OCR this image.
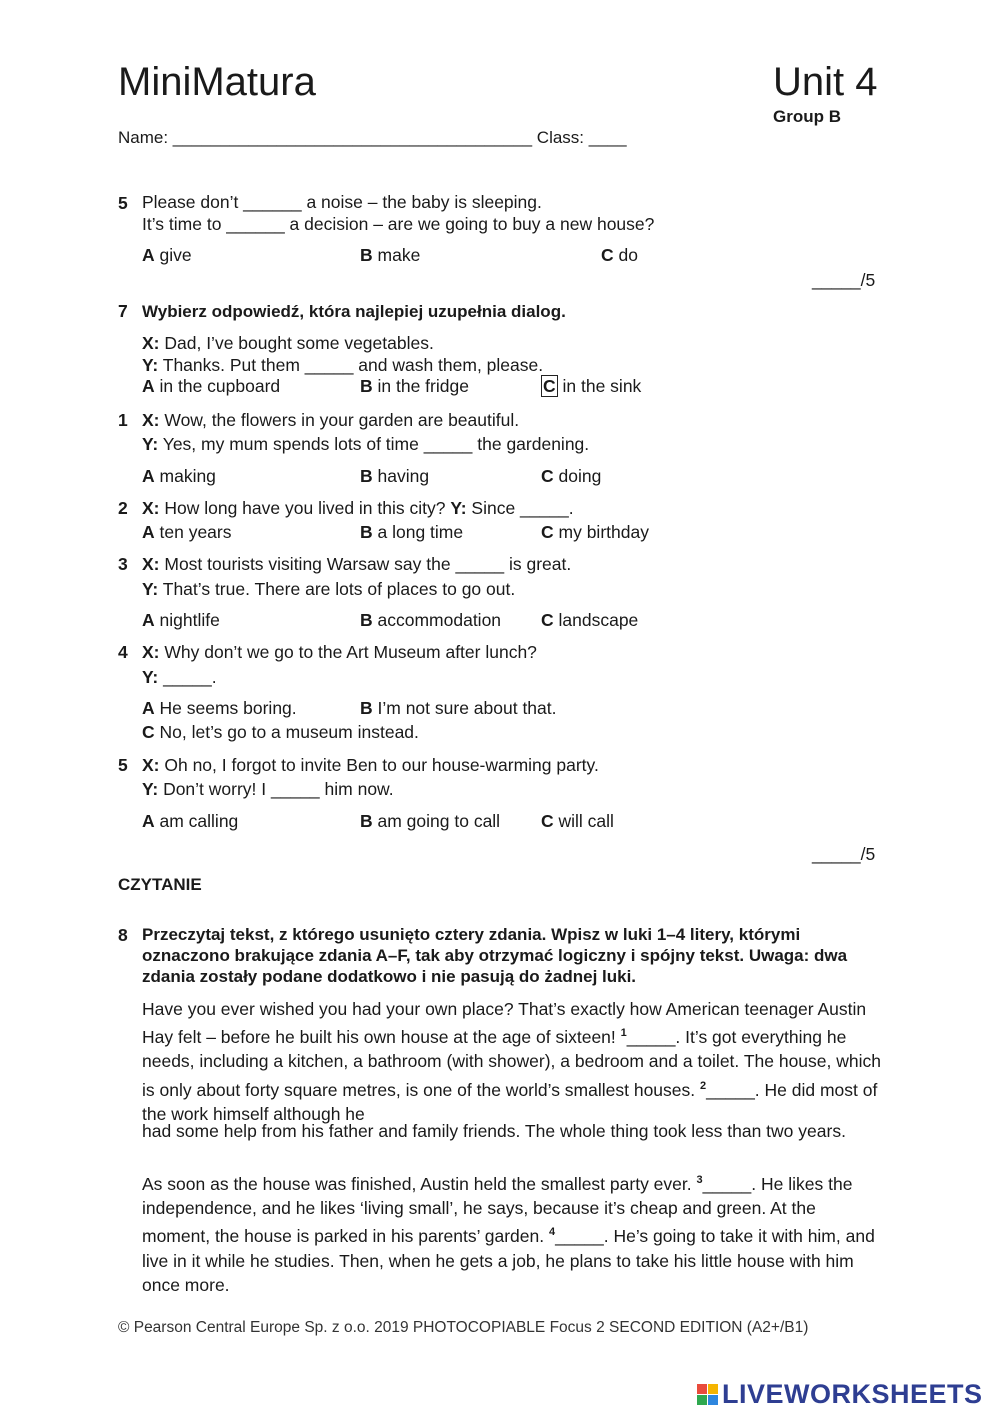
MiniMatura	Unit 4
Group B
Name: ______________________________________ Class: ____
5 Please don’t ______ a noise – the baby is sleeping.
It’s time to ______ a decision – are we going to buy a new house?
A give	B make	C do
_____/5
7 Wybierz odpowiedź, która najlepiej uzupełnia dialog.
X: Dad, I’ve bought some vegetables.
Y: Thanks. Put them _____ and wash them, please.
A in the cupboard	B in the fridge	C in the sink
1 X: Wow, the flowers in your garden are beautiful.
Y: Yes, my mum spends lots of time _____ the gardening.
A making	B having	C doing
2 X: How long have you lived in this city? Y: Since _____.
A ten years	B a long time	C my birthday
3 X: Most tourists visiting Warsaw say the _____ is great.
Y: That’s true. There are lots of places to go out.
A nightlife	B accommodation C landscape
4 X: Why don’t we go to the Art Museum after lunch?
Y: _____.
A He seems boring.	B I’m not sure about that.
C No, let’s go to a museum instead.
5 X: Oh no, I forgot to invite Ben to our house-warming party.
Y: Don’t worry! I _____ him now.
A am calling	B am going to call C will call
_____/5
CZYTANIE
8 Przeczytaj tekst, z którego usunięto cztery zdania. Wpisz w luki 1–4 litery, którymi oznaczono brakujące zdania A–F, tak aby otrzymać logiczny i spójny tekst. Uwaga: dwa zdania zostały podane dodatkowo i nie pasują do żadnej luki.
Have you ever wished you had your own place? That’s exactly how American teenager Austin Hay felt – before he built his own house at the age of sixteen! $^1$_____. It’s got everything he needs, including a kitchen, a bathroom (with shower), a bedroom and a toilet. The house, which is only about forty square metres, is one of the world’s smallest houses. $^2$_____. He did most of the work himself although he
had some help from his father and family friends. The whole thing took less than two years.
As soon as the house was finished, Austin held the smallest party ever. $^3$_____. He likes the independence, and he likes ‘living small’, he says, because it’s cheap and green. At the moment, the house is parked in his parents’ garden. $^4$_____. He’s going to take it with him, and live in it while he studies. Then, when he gets a job, he plans to take his little house with him once more.
© Pearson Central Europe Sp. z o.o. 2019 PHOTOCOPIABLE Focus 2 SECOND EDITION (A2+/B1)
LIVEWORKSHEETS
